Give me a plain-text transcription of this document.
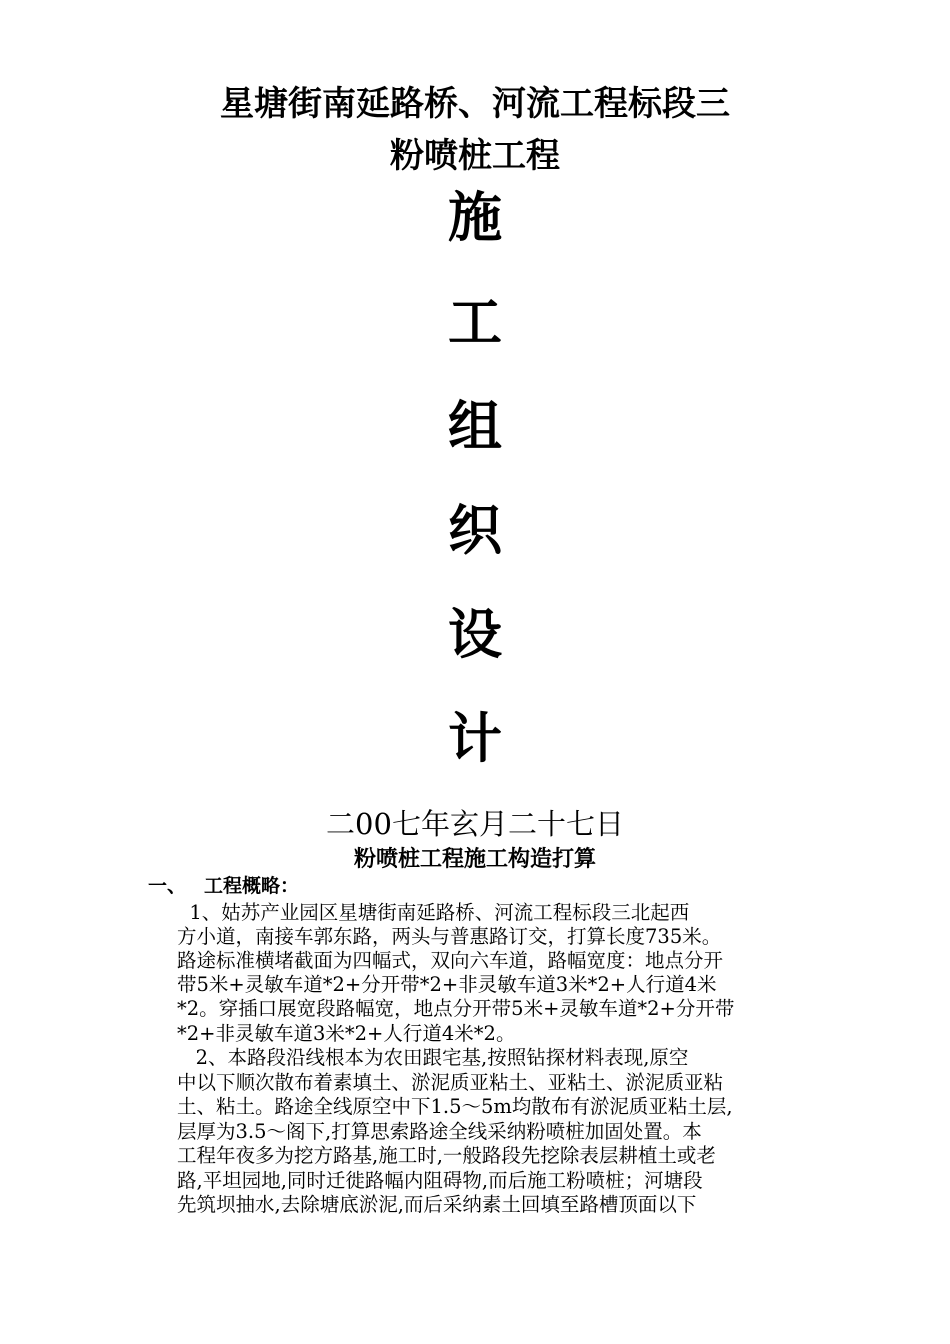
星塘街南延路桥、河流工程标段三
粉喷桩工程
施
工
组
织
设
计
二00七年玄月二十七日
粉喷桩工程施工构造打算
一、 工程概略：
1、姑苏产业园区星塘街南延路桥、河流工程标段三北起西
方小道，南接车郭东路，两头与普惠路订交，打算长度735米。
路途标准横堵截面为四幅式，双向六车道，路幅宽度：地点分开
带5米+灵敏车道*2+分开带*2+非灵敏车道3米*2+人行道4米
*2。穿插口展宽段路幅宽，地点分开带5米+灵敏车道*2+分开带
*2+非灵敏车道3米*2+人行道4米*2。
2、本路段沿线根本为农田跟宅基,按照钻探材料表现,原空
中以下顺次散布着素填土、淤泥质亚粘土、亚粘土、淤泥质亚粘
土、粘土。路途全线原空中下1.5～5m均散布有淤泥质亚粘土层,
层厚为3.5～阁下,打算思索路途全线采纳粉喷桩加固处置。本
工程年夜多为挖方路基,施工时,一般路段先挖除表层耕植土或老
路,平坦园地,同时迁徙路幅内阻碍物,而后施工粉喷桩；河塘段
先筑坝抽水,去除塘底淤泥,而后采纳素土回填至路槽顶面以下
